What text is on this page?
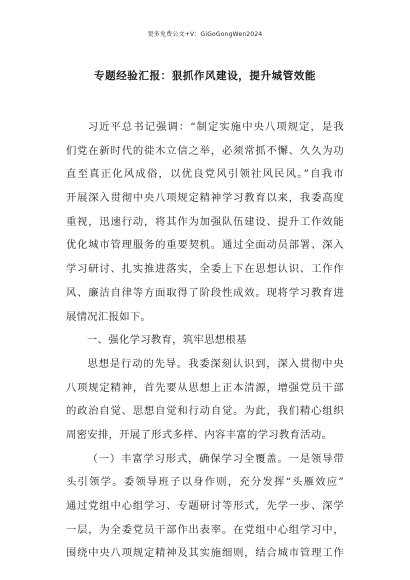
更多免费公文+V：GiGoGongWen2024
专题经验汇报：狠抓作风建设，提升城管效能
习近平总书记强调：“制定实施中央八项规定，是我
们党在新时代的徙木立信之举，必须常抓不懈、久久为功
直至真正化风成俗，以优良党风引领社风民风。”自我市
开展深入贯彻中央八项规定精神学习教育以来，我委高度
重视，迅速行动，将其作为加强队伍建设、提升工作效能
优化城市管理服务的重要契机。通过全面动员部署、深入
学习研讨、扎实推进落实，全委上下在思想认识、工作作
风、廉洁自律等方面取得了阶段性成效。现将学习教育进
展情况汇报如下。
一、强化学习教育，筑牢思想根基
思想是行动的先导。我委深刻认识到，深入贯彻中央
八项规定精神，首先要从思想上正本清源，增强党员干部
的政治自觉、思想自觉和行动自觉。为此，我们精心组织
周密安排，开展了形式多样、内容丰富的学习教育活动。
（一）丰富学习形式，确保学习全覆盖。一是领导带
头引领学。委领导班子以身作则，充分发挥“头雁效应”
通过党组中心组学习、专题研讨等形式，先学一步、深学
一层，为全委党员干部作出表率。在党组中心组学习中，
围绕中央八项规定精神及其实施细则，结合城市管理工作
